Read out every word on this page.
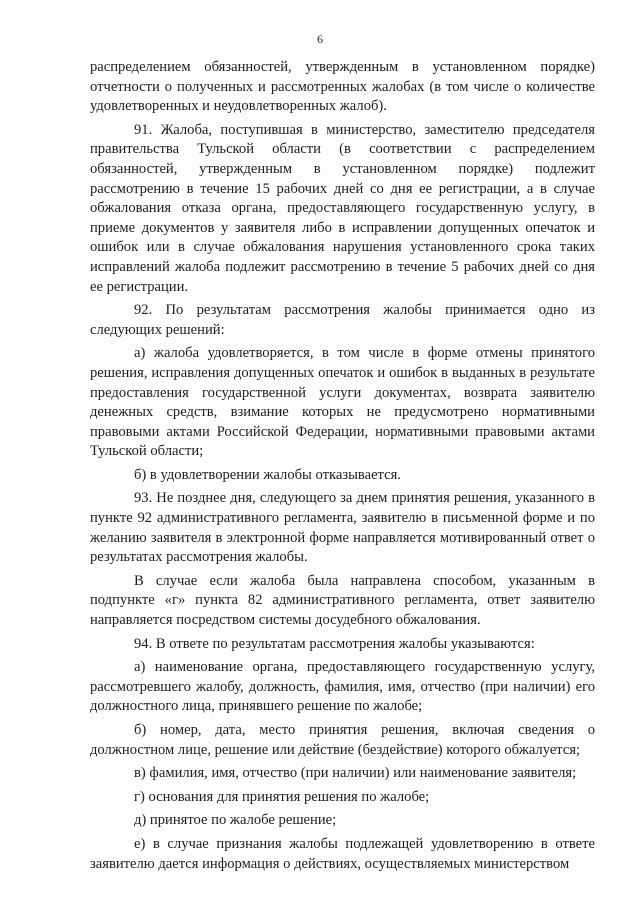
6

распределением обязанностей, утвержденным в установленном порядке) отчетности о полученных и рассмотренных жалобах (в том числе о количестве удовлетворенных и неудовлетворенных жалоб).

91. Жалоба, поступившая в министерство, заместителю председателя правительства Тульской области (в соответствии с распределением обязанностей, утвержденным в установленном порядке) подлежит рассмотрению в течение 15 рабочих дней со дня ее регистрации, а в случае обжалования отказа органа, предоставляющего государственную услугу, в приеме документов у заявителя либо в исправлении допущенных опечаток и ошибок или в случае обжалования нарушения установленного срока таких исправлений жалоба подлежит рассмотрению в течение 5 рабочих дней со дня ее регистрации.

92. По результатам рассмотрения жалобы принимается одно из следующих решений:

а) жалоба удовлетворяется, в том числе в форме отмены принятого решения, исправления допущенных опечаток и ошибок в выданных в результате предоставления государственной услуги документах, возврата заявителю денежных средств, взимание которых не предусмотрено нормативными правовыми актами Российской Федерации, нормативными правовыми актами Тульской области;

б) в удовлетворении жалобы отказывается.

93. Не позднее дня, следующего за днем принятия решения, указанного в пункте 92 административного регламента, заявителю в письменной форме и по желанию заявителя в электронной форме направляется мотивированный ответ о результатах рассмотрения жалобы.

В случае если жалоба была направлена способом, указанным в подпункте «г» пункта 82 административного регламента, ответ заявителю направляется посредством системы досудебного обжалования.

94. В ответе по результатам рассмотрения жалобы указываются:

а) наименование органа, предоставляющего государственную услугу, рассмотревшего жалобу, должность, фамилия, имя, отчество (при наличии) его должностного лица, принявшего решение по жалобе;

б) номер, дата, место принятия решения, включая сведения о должностном лице, решение или действие (бездействие) которого обжалуется;

в) фамилия, имя, отчество (при наличии) или наименование заявителя;

г) основания для принятия решения по жалобе;

д) принятое по жалобе решение;

е) в случае признания жалобы подлежащей удовлетворению в ответе заявителю дается информация о действиях, осуществляемых министерством
